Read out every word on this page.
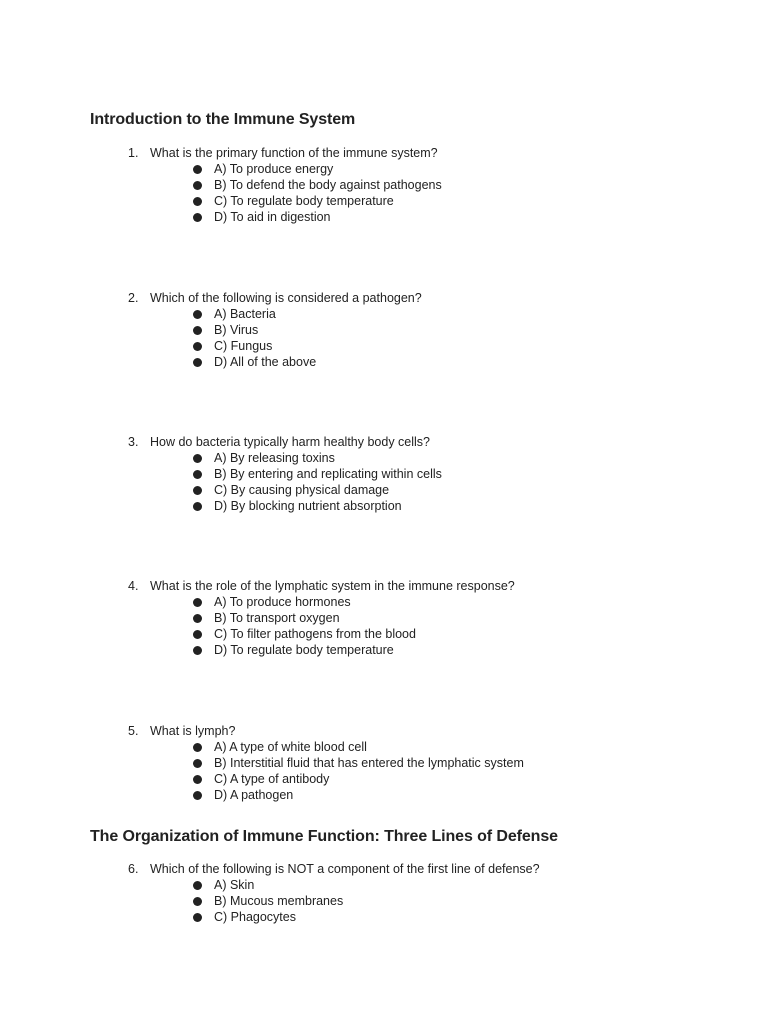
Introduction to the Immune System
1. What is the primary function of the immune system?
A) To produce energy
B) To defend the body against pathogens
C) To regulate body temperature
D) To aid in digestion
2. Which of the following is considered a pathogen?
A) Bacteria
B) Virus
C) Fungus
D) All of the above
3. How do bacteria typically harm healthy body cells?
A) By releasing toxins
B) By entering and replicating within cells
C) By causing physical damage
D) By blocking nutrient absorption
4. What is the role of the lymphatic system in the immune response?
A) To produce hormones
B) To transport oxygen
C) To filter pathogens from the blood
D) To regulate body temperature
5. What is lymph?
A) A type of white blood cell
B) Interstitial fluid that has entered the lymphatic system
C) A type of antibody
D) A pathogen
The Organization of Immune Function: Three Lines of Defense
6. Which of the following is NOT a component of the first line of defense?
A) Skin
B) Mucous membranes
C) Phagocytes
